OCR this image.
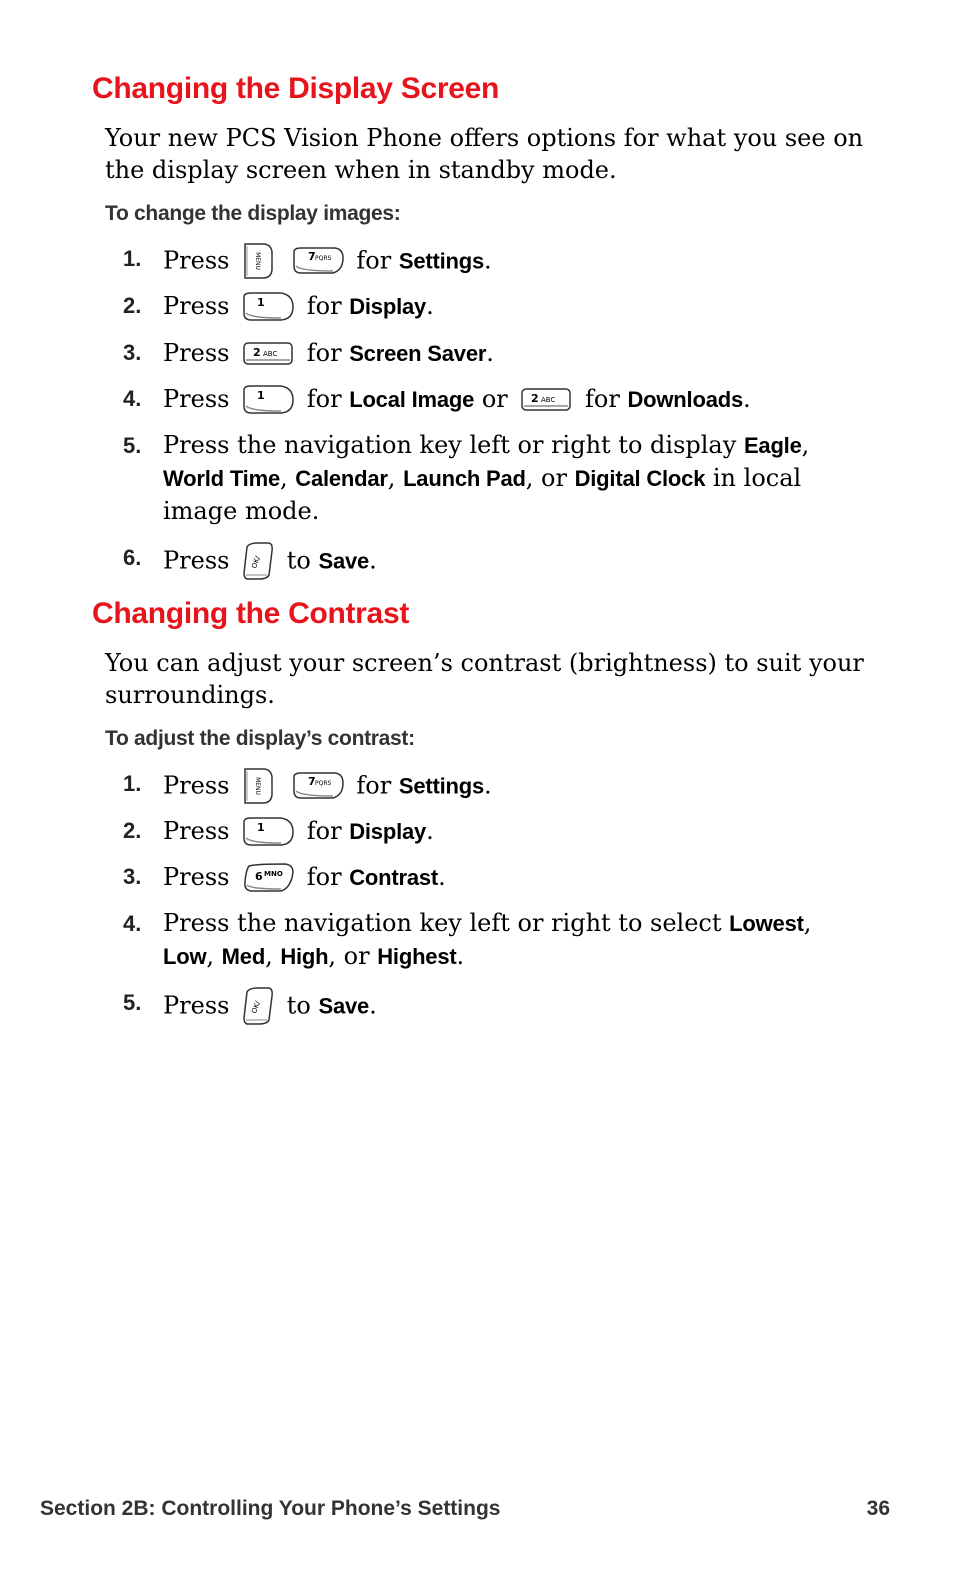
Changing the Display Screen

Your new PCS Vision Phone offers options for what you see on the display screen when in standby mode.

To change the display images:

1. Press	MENU
	7 PQRS for Settings.
2. Press	1 for Display.
3. Press 2 ABC for Screen Saver.
4. Press	1 for Local Image or 2 ABC for Downloads.
5. Press the navigation key left or right to display Eagle, World Time, Calendar, Launch Pad, or Digital Clock in local image mode.
6. Press	OK/ to Save.
Changing the Contrast

You can adjust your screen’s contrast (brightness) to suit your surroundings.

To adjust the display’s contrast:

1. Press	MENU
	7 PQRS for Settings.
2. Press	1 for Display.
3. Press 6 MNO for Contrast.
4. Press the navigation key left or right to select Lowest, Low, Med, High, or Highest.
5. Press	OK/ to Save.
Section 2B: Controlling Your Phone’s Settings	36
